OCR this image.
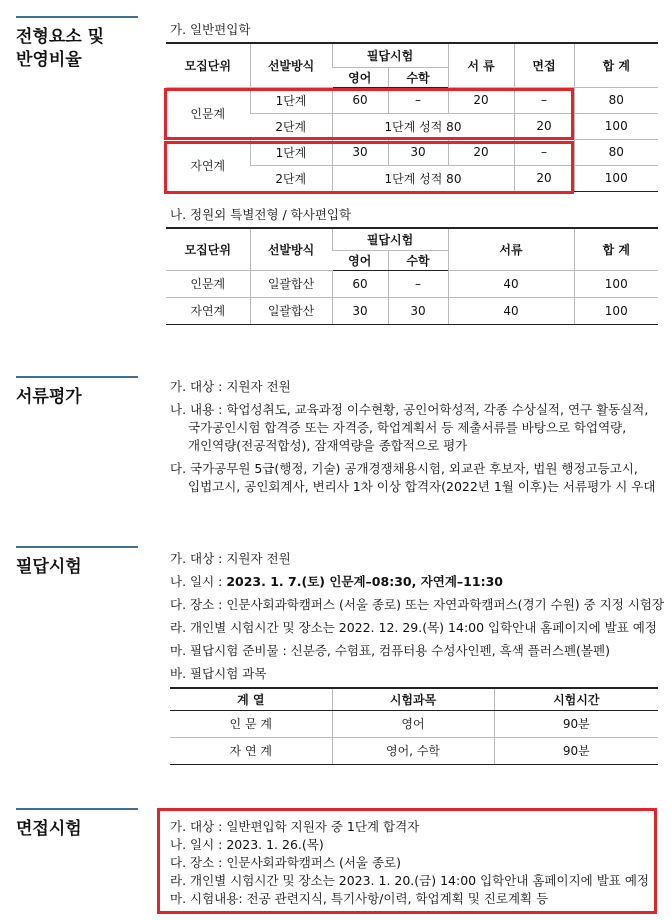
전형요소 및
반영비율
서류평가
필답시험
면접시험
가. 일반편입학
모집단위	선발방식	필답시험		서 류	면접	합 계
		영어	수학			
인문계	1단계	60	–	20	–	80
	2단계	1단계 성적 80			20	100
자연계	1단계	30	30	20	–	80
	2단계	1단계 성적 80			20	100
나. 정원외 특별전형 / 학사편입학
모집단위	선발방식	필답시험		서류	합 계
		영어	수학		
인문계	일괄합산	60	–	40	100
자연계	일괄합산	30	30	40	100
가. 대상 : 지원자 전원
나. 내용 : 학업성취도, 교육과정 이수현황, 공인어학성적, 각종 수상실적, 연구 활동실적,
국가공인시험 합격증 또는 자격증, 학업계획서 등 제출서류를 바탕으로 학업역량,
개인역량(전공적합성), 잠재역량을 종합적으로 평가
다. 국가공무원 5급(행정, 기술) 공개경쟁채용시험, 외교관 후보자, 법원 행정고등고시,
입법고시, 공인회계사, 변리사 1차 이상 합격자(2022년 1월 이후)는 서류평가 시 우대
가. 대상 : 지원자 전원
나. 일시 : 2023. 1. 7.(토) 인문계–08:30, 자연계–11:30
다. 장소 : 인문사회과학캠퍼스 (서울 종로) 또는 자연과학캠퍼스(경기 수원) 중 지정 시험장
라. 개인별 시험시간 및 장소는 2022. 12. 29.(목) 14:00 입학안내 홈페이지에 발표 예정
마. 필답시험 준비물 : 신분증, 수험표, 컴퓨터용 수성사인펜, 흑색 플러스펜(볼펜)
바. 필답시험 과목
계 열	시험과목	시험시간
인 문 계	영어	90분
자 연 계	영어, 수학	90분
가. 대상 : 일반편입학 지원자 중 1단계 합격자
나. 일시 : 2023. 1. 26.(목)
다. 장소 : 인문사회과학캠퍼스 (서울 종로)
라. 개인별 시험시간 및 장소는 2023. 1. 20.(금) 14:00 입학안내 홈페이지에 발표 예정
마. 시험내용: 전공 관련지식, 특기사항/이력, 학업계획 및 진로계획 등
